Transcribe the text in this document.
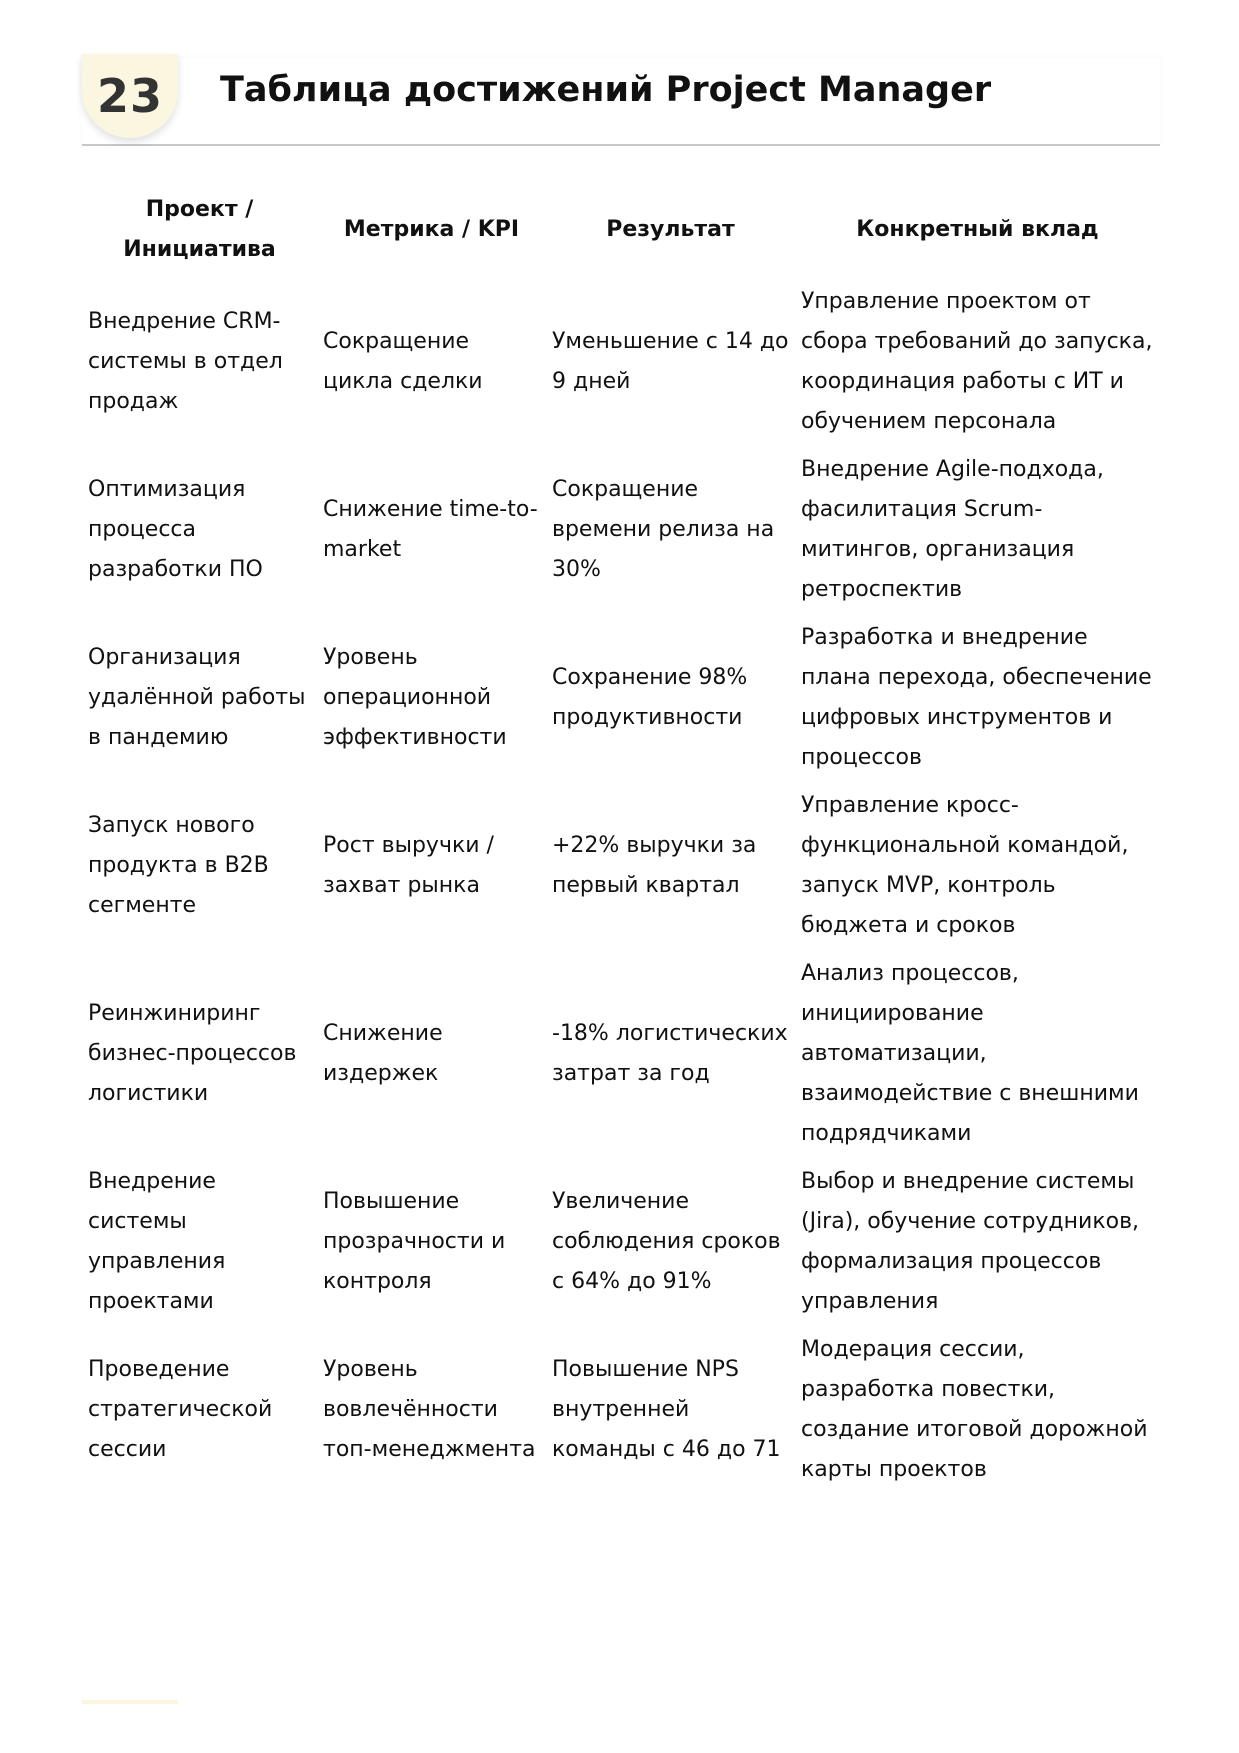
23 Таблица достижений Project Manager
Проект / Инициатива	Метрика / KPI	Результат	Конкретный вклад
Внедрение CRM-системы в отдел продаж	Сокращение цикла сделки	Уменьшение с 14 до 9 дней	Управление проектом от сбора требований до запуска, координация работы с ИТ и обучением персонала
Оптимизация процесса разработки ПО	Снижение time-to-market	Сокращение времени релиза на 30%	Внедрение Agile-подхода, фасилитация Scrum-митингов, организация ретроспектив
Организация удалённой работы в пандемию	Уровень операционной эффективности	Сохранение 98% продуктивности	Разработка и внедрение плана перехода, обеспечение цифровых инструментов и процессов
Запуск нового продукта в B2B сегменте	Рост выручки / захват рынка	+22% выручки за первый квартал	Управление кросс-функциональной командой, запуск MVP, контроль бюджета и сроков
Реинжиниринг бизнес-процессов логистики	Снижение издержек	-18% логистических затрат за год	Анализ процессов, инициирование автоматизации, взаимодействие с внешними подрядчиками
Внедрение системы управления проектами	Повышение прозрачности и контроля	Увеличение соблюдения сроков с 64% до 91%	Выбор и внедрение системы (Jira), обучение сотрудников, формализация процессов управления
Проведение стратегической сессии	Уровень вовлечённости топ-менеджмента	Повышение NPS внутренней команды с 46 до 71	Модерация сессии, разработка повестки, создание итоговой дорожной карты проектов
